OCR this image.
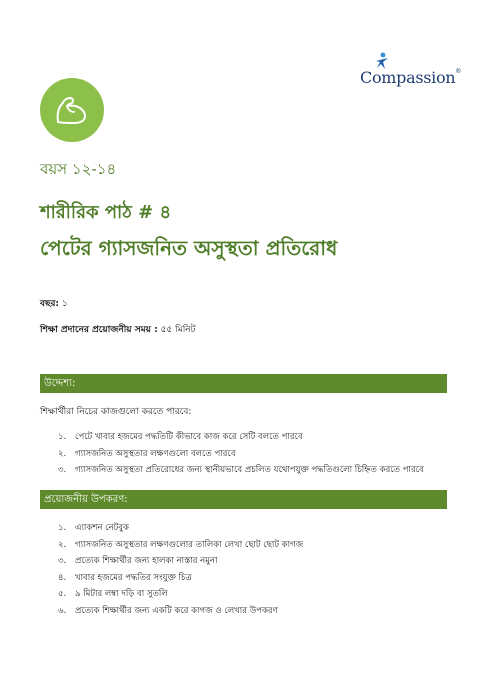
Compassion®
বয়স ১২-১৪
শারীরিক পাঠ # ৪
পেটের গ্যাসজনিত অসুস্থতা প্রতিরোধ
বছর: ১
শিক্ষা প্রদানের প্রয়োজনীয় সময় : ৫৫ মিনিট
উদ্দেশ্য:
শিক্ষার্থীরা নিচের কাজগুলো করতে পারবে:
১. পেটে খাবার হজমের পদ্ধতিটি কীভাবে কাজ করে সেটি বলতে পারবে
২. গ্যাসজনিত অসুস্থতার লক্ষণগুলো বলতে পারবে
৩. গ্যাসজনিত অসুস্থতা প্রতিরোধের জন্য স্থানীয়ভাবে প্রচলিত যথোপযুক্ত পদ্ধতিগুলো চিহ্নিত করতে পারবে
প্রয়োজনীয় উপকরণ:
১. এ্যাকশন নেটবুক
২. গ্যাসজনিত অসুস্থতার লক্ষণগুলোর তালিকা লেখা ছোট ছোট কাগজ
৩. প্রত্যেক শিক্ষার্থীর জন্য হালকা নাস্তার নমুনা
৪. খাবার হজমের পদ্ধতির সংযুক্ত চিত্র
৫. ৯ মিটার লম্বা দড়ি বা সুতলি
৬. প্রত্যেক শিক্ষার্থীর জন্য একটি করে কাগজ ও লেখার উপকরণ
